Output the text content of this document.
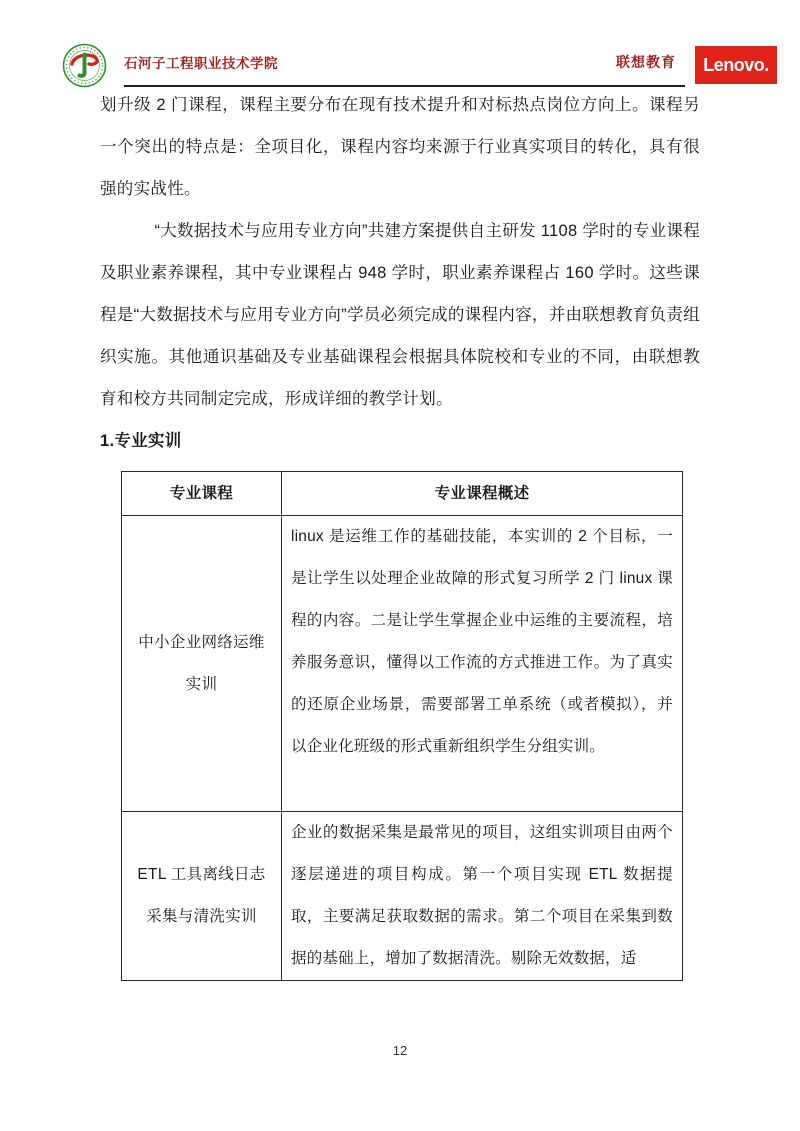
石河子工程职业技术学院	联想教育 Lenovo.

划升级 2 门课程，课程主要分布在现有技术提升和对标热点岗位方向上。课程另一个突出的特点是：全项目化，课程内容均来源于行业真实项目的转化，具有很强的实战性。

“大数据技术与应用专业方向”共建方案提供自主研发 1108 学时的专业课程及职业素养课程，其中专业课程占 948 学时，职业素养课程占 160 学时。这些课程是“大数据技术与应用专业方向”学员必须完成的课程内容，并由联想教育负责组织实施。其他通识基础及专业基础课程会根据具体院校和专业的不同，由联想教育和校方共同制定完成，形成详细的教学计划。

1.专业实训
专业课程	专业课程概述
中小企业网络运维实训	linux 是运维工作的基础技能，本实训的 2 个目标，一是让学生以处理企业故障的形式复习所学 2 门 linux 课程的内容。二是让学生掌握企业中运维的主要流程，培养服务意识，懂得以工作流的方式推进工作。为了真实的还原企业场景，需要部署工单系统（或者模拟），并以企业化班级的形式重新组织学生分组实训。
ETL 工具离线日志采集与清洗实训	企业的数据采集是最常见的项目，这组实训项目由两个逐层递进的项目构成。第一个项目实现 ETL 数据提取，主要满足获取数据的需求。第二个项目在采集到数据的基础上，增加了数据清洗。剔除无效数据，适
12
